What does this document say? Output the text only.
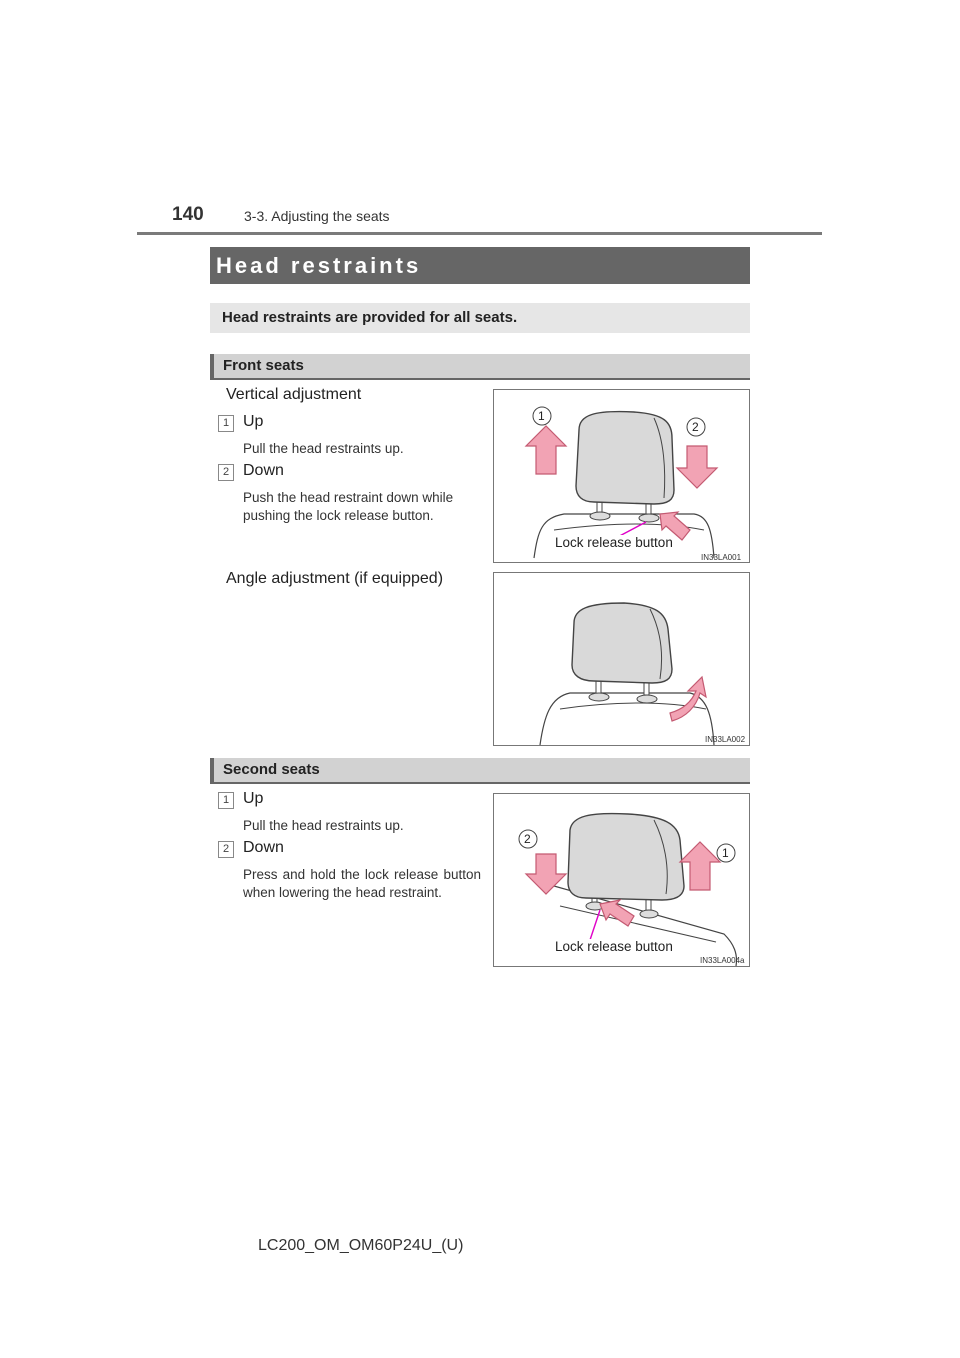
140	3-3. Adjusting the seats
Head restraints
Head restraints are provided for all seats.
Front seats
Vertical adjustment
1 Up
Pull the head restraints up.
2 Down
Push the head restraint down while
pushing the lock release button.
1
2
Lock release button
IN33LA001
Angle adjustment (if equipped)
IN33LA002
Second seats
1 Up
Pull the head restraints up.
2 Down
Press and hold the lock release button when lowering the head restraint.
2
1
Lock release button
IN33LA004a
LC200_OM_OM60P24U_(U)
